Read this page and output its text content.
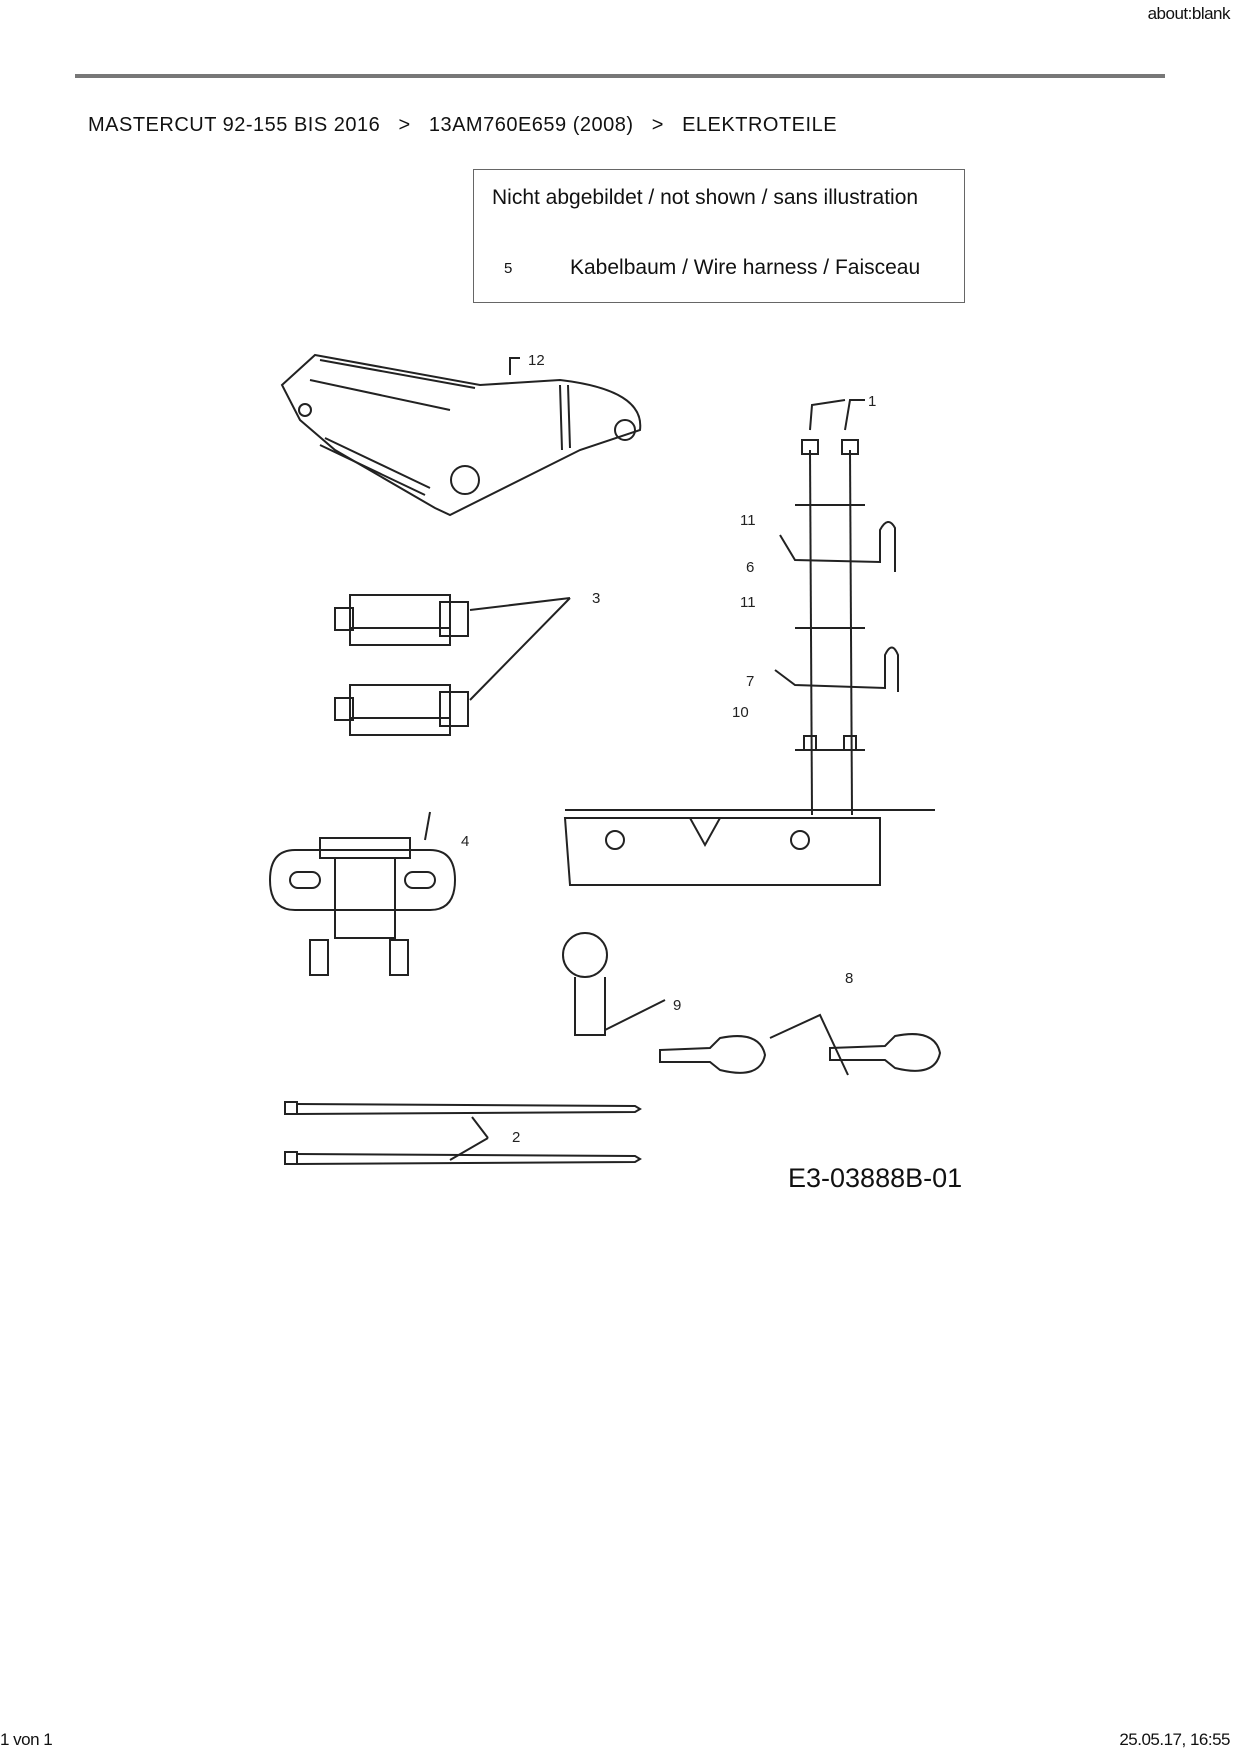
about:blank
MASTERCUT 92-155 BIS 2016 > 13AM760E659 (2008) > ELEKTROTEILE
Nicht abgebildet / not shown / sans illustration
5	Kabelbaum / Wire harness / Faisceau
12
1
11
6
3	11
7
10
4
8
9
2
E3-03888B-01
1 von 1	25.05.17, 16:55
